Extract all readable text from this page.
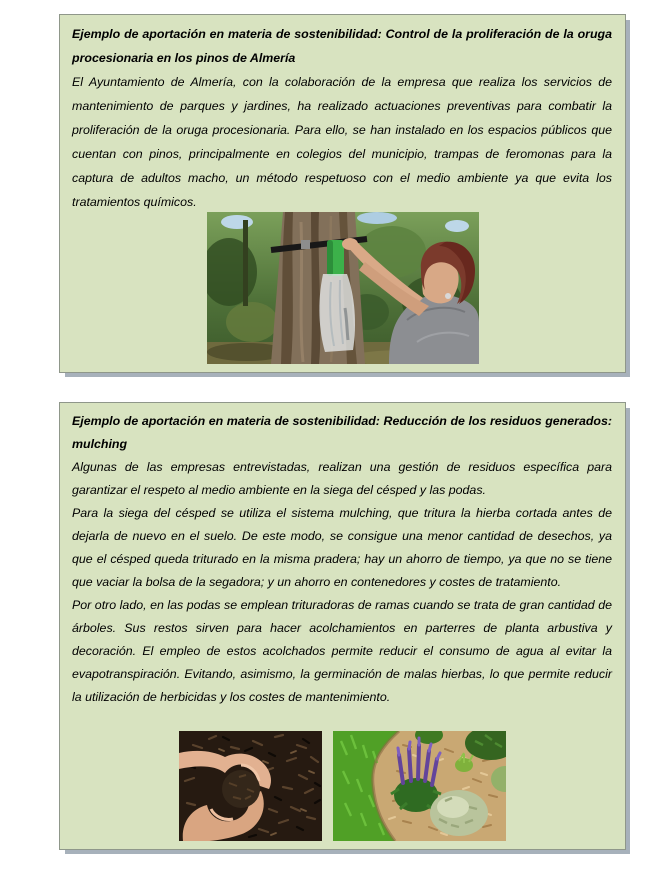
Ejemplo de aportación en materia de sostenibilidad: Control de la proliferación de la oruga procesionaria en los pinos de Almería

El Ayuntamiento de Almería, con la colaboración de la empresa que realiza los servicios de mantenimiento de parques y jardines, ha realizado actuaciones preventivas para combatir la proliferación de la oruga procesionaria. Para ello, se han instalado en los espacios públicos que cuentan con pinos, principalmente en colegios del municipio, trampas de feromonas para la captura de adultos macho, un método respetuoso con el medio ambiente ya que evita los tratamientos químicos.

Ejemplo de aportación en materia de sostenibilidad: Reducción de los residuos generados: mulching

Algunas de las empresas entrevistadas, realizan una gestión de residuos específica para garantizar el respeto al medio ambiente en la siega del césped y las podas.

Para la siega del césped se utiliza el sistema mulching, que tritura la hierba cortada antes de dejarla de nuevo en el suelo. De este modo, se consigue una menor cantidad de desechos, ya que el césped queda triturado en la misma pradera; hay un ahorro de tiempo, ya que no se tiene que vaciar la bolsa de la segadora; y un ahorro en contenedores y costes de tratamiento.

Por otro lado, en las podas se emplean trituradoras de ramas cuando se trata de gran cantidad de árboles. Sus restos sirven para hacer acolchamientos en parterres de planta arbustiva y decoración. El empleo de estos acolchados permite reducir el consumo de agua al evitar la evapotranspiración. Evitando, asimismo, la germinación de malas hierbas, lo que permite reducir la utilización de herbicidas y los costes de mantenimiento.
